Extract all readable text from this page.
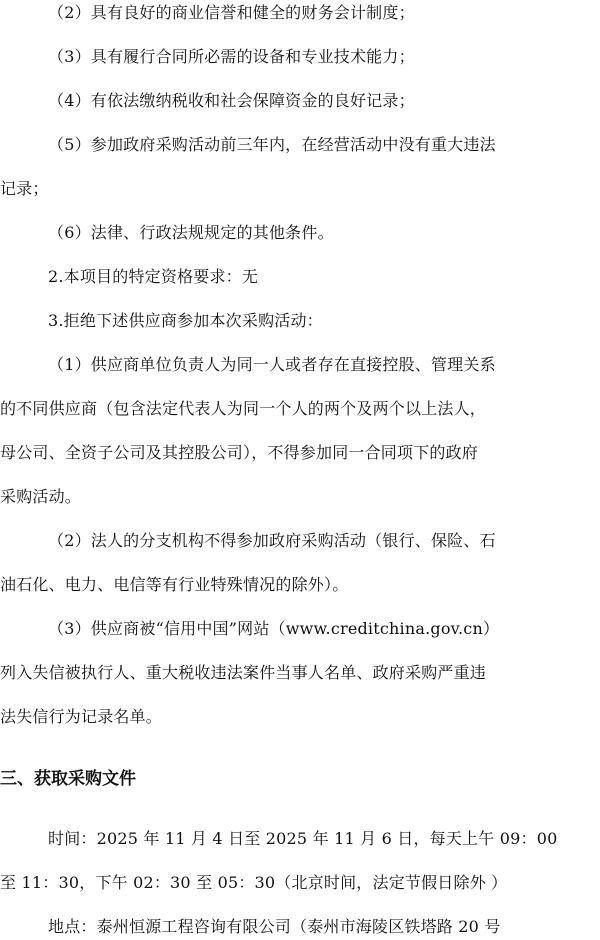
（2）具有良好的商业信誉和健全的财务会计制度；
（3）具有履行合同所必需的设备和专业技术能力；
（4）有依法缴纳税收和社会保障资金的良好记录；
（5）参加政府采购活动前三年内，在经营活动中没有重大违法
记录；
（6）法律、行政法规规定的其他条件。
2.本项目的特定资格要求：无
3.拒绝下述供应商参加本次采购活动：
（1）供应商单位负责人为同一人或者存在直接控股、管理关系
的不同供应商（包含法定代表人为同一个人的两个及两个以上法人，
母公司、全资子公司及其控股公司），不得参加同一合同项下的政府
采购活动。
（2）法人的分支机构不得参加政府采购活动（银行、保险、石
油石化、电力、电信等有行业特殊情况的除外）。
（3）供应商被“信用中国”网站（www.creditchina.gov.cn）
列入失信被执行人、重大税收违法案件当事人名单、政府采购严重违
法失信行为记录名单。
三、获取采购文件
时间：2025 年 11 月 4 日至 2025 年 11 月 6 日，每天上午 09：00
至 11：30，下午 02：30 至 05：30（北京时间，法定节假日除外 ）
地点：泰州恒源工程咨询有限公司（泰州市海陵区铁塔路 20 号
